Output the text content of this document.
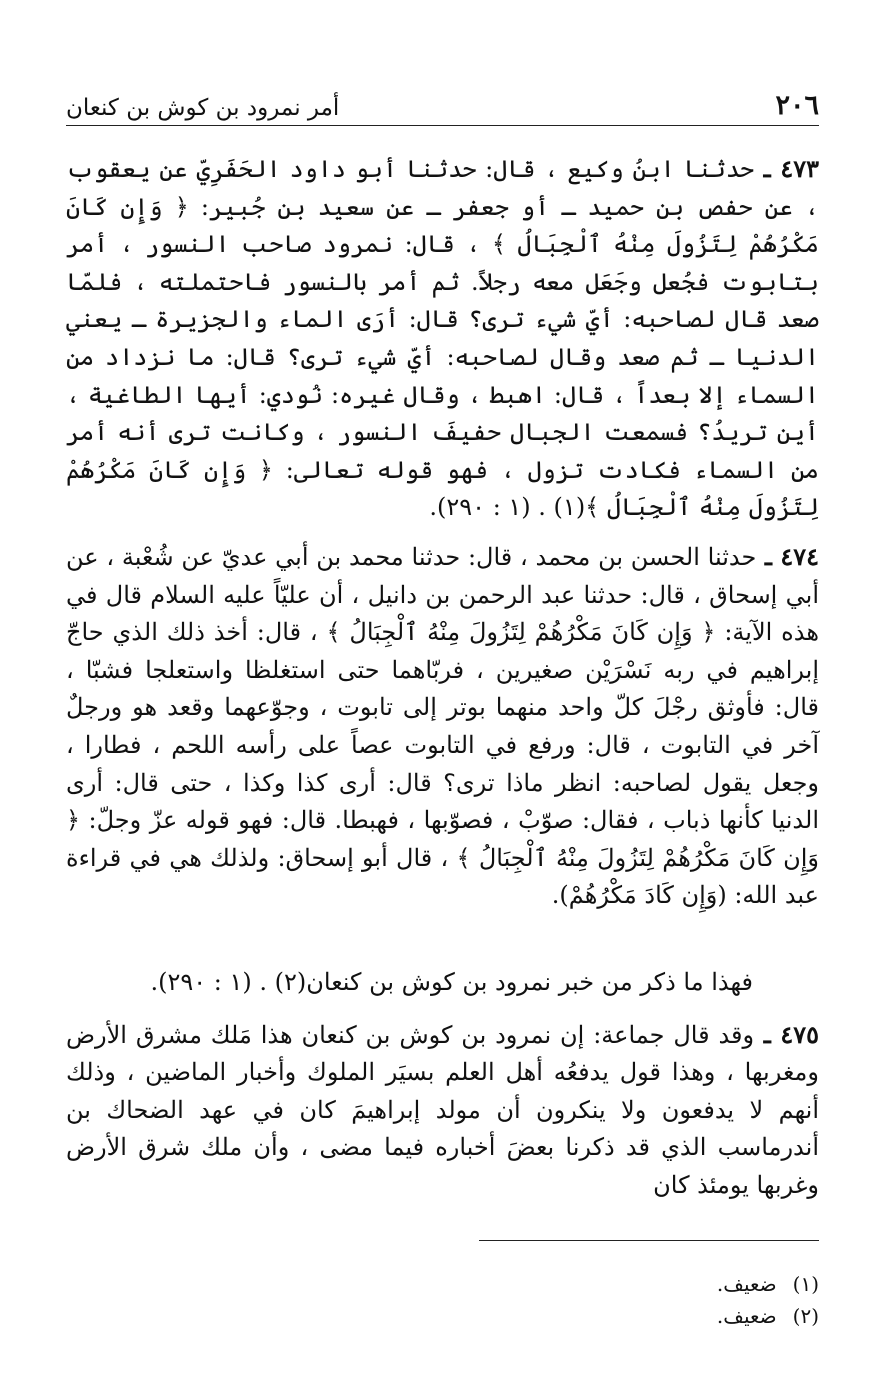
٢٠٦
أمر نمرود بن كوش بن كنعان

٤٧٣ ـ حدثنا ابنُ وكيع ، قال: حدثنا أبو داود الحَفَرِيّ عن يعقوب ، عن حفص بن حميد ـ أو جعفر ـ عن سعيد بن جُبير: ﴿ وَإِن كَانَ مَكْرُهُمْ لِتَزُولَ مِنْهُ ٱلْجِبَالُ ﴾ ، قال: نمرود صاحب النسور ، أمر بتابوت فجُعل وجَعَل معه رجلاً. ثم أمر بالنسور فاحتملته ، فلمّا صعد قال لصاحبه: أيّ شيء ترى؟ قال: أرَى الماء والجزيرة ـ يعني الدنيا ـ ثم صعد وقال لصاحبه: أيّ شيء ترى؟ قال: ما نزداد من السماء إلا بعداً ، قال: اهبط ، وقال غيره: نُودي: أيها الطاغية ، أين تريدُ؟ فسمعت الجبال حفيفَ النسور ، وكانت ترى أنه أمر من السماء فكادت تزول ، فهو قوله تعالى: ﴿ وَإِن كَانَ مَكْرُهُمْ لِتَزُولَ مِنْهُ ٱلْجِبَالُ ﴾(١) . (١ : ٢٩٠).

٤٧٤ ـ حدثنا الحسن بن محمد ، قال: حدثنا محمد بن أبي عديّ عن شُعْبة ، عن أبي إسحاق ، قال: حدثنا عبد الرحمن بن دانيل ، أن عليّاً عليه السلام قال في هذه الآية: ﴿ وَإِن كَانَ مَكْرُهُمْ لِتَزُولَ مِنْهُ ٱلْجِبَالُ ﴾ ، قال: أخذ ذلك الذي حاجّ إبراهيم في ربه نَسْرَيْن صغيرين ، فربّاهما حتى استغلظا واستعلجا فشبّا ، قال: فأوثق رجْلَ كلّ واحد منهما بوتر إلى تابوت ، وجوّعهما وقعد هو ورجلٌ آخر في التابوت ، قال: ورفع في التابوت عصاً على رأسه اللحم ، فطارا ، وجعل يقول لصاحبه: انظر ماذا ترى؟ قال: أرى كذا وكذا ، حتى قال: أرى الدنيا كأنها ذباب ، فقال: صوّبْ ، فصوّبها ، فهبطا. قال: فهو قوله عزّ وجلّ: ﴿ وَإِن كَانَ مَكْرُهُمْ لِتَزُولَ مِنْهُ ٱلْجِبَالُ ﴾ ، قال أبو إسحاق: ولذلك هي في قراءة عبد الله: (وَإِن كَادَ مَكْرُهُمْ).

فهذا ما ذكر من خبر نمرود بن كوش بن كنعان(٢) . (١ : ٢٩٠).

٤٧٥ ـ وقد قال جماعة: إن نمرود بن كوش بن كنعان هذا مَلك مشرق الأرض ومغربها ، وهذا قول يدفعُه أهل العلم بسيَر الملوك وأخبار الماضين ، وذلك أنهم لا يدفعون ولا ينكرون أن مولد إبراهيمَ كان في عهد الضحاك بن أندرماسب الذي قد ذكرنا بعضَ أخباره فيما مضى ، وأن ملك شرق الأرض وغربها يومئذ كان

(١)ضعيف.
(٢)ضعيف.
